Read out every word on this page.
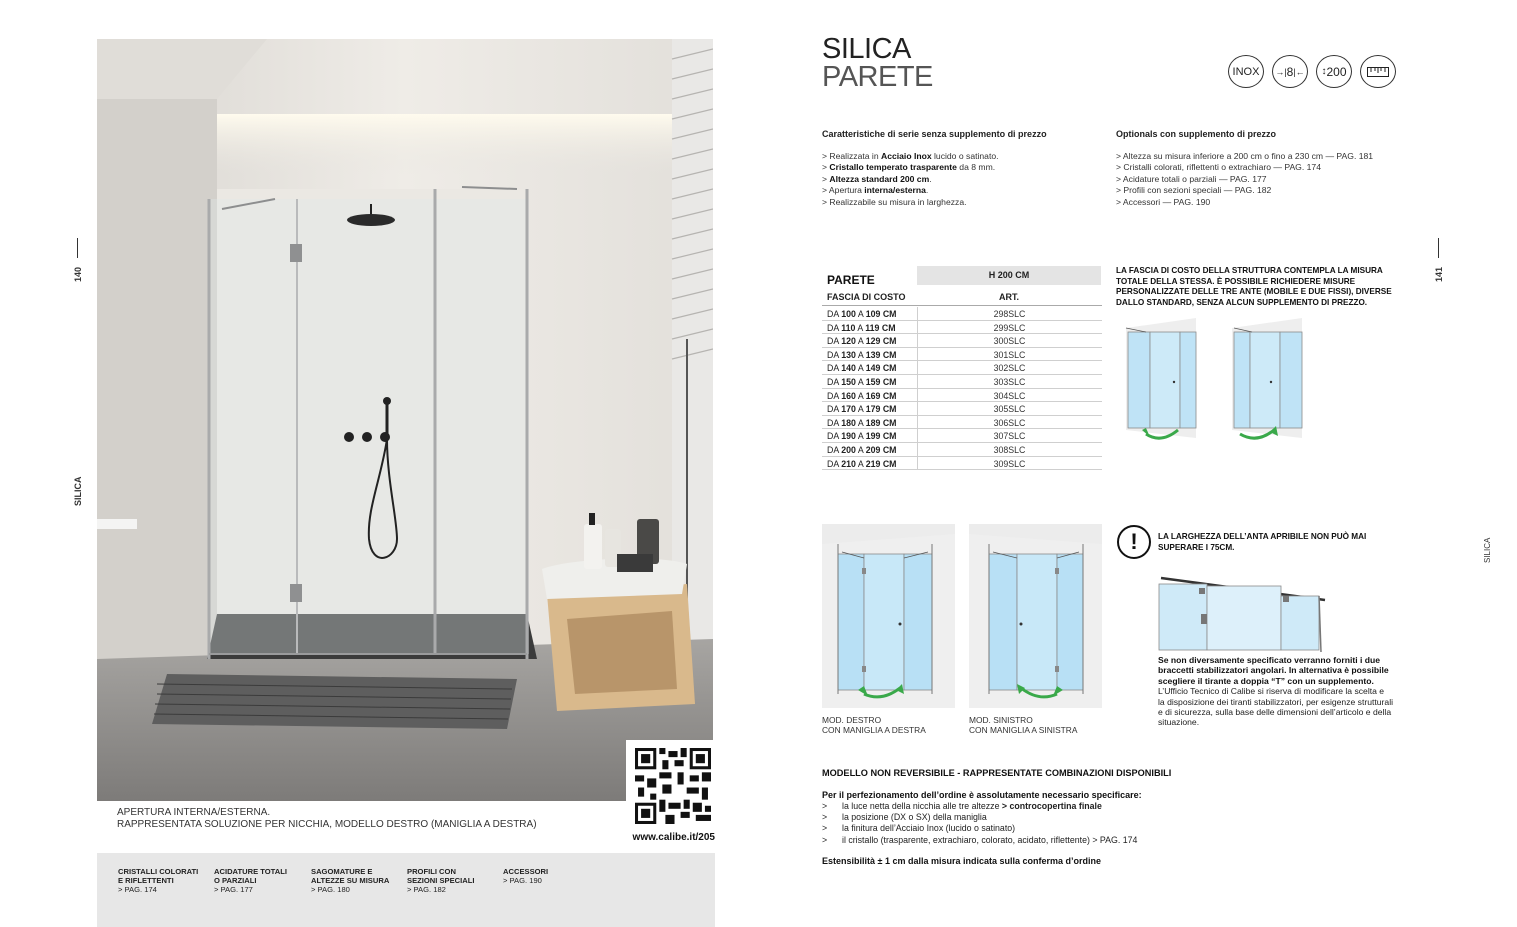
140
SILICA
www.calibe.it/205
APERTURA INTERNA/ESTERNA.
RAPPRESENTATA SOLUZIONE PER NICCHIA, MODELLO DESTRO (MANIGLIA A DESTRA)
CRISTALLI COLORATI
E RIFLETTENTI
> PAG. 174
ACIDATURE TOTALI
O PARZIALI
> PAG. 177
SAGOMATURE E
ALTEZZE SU MISURA
> PAG. 180
PROFILI CON
SEZIONI SPECIALI
> PAG. 182
ACCESSORI
> PAG. 190
SILICA
PARETE	INOX →| 8 |← ↕ 200
Caratteristiche di serie senza supplemento di prezzo
> Realizzata in Acciaio Inox lucido o satinato.
> Cristallo temperato trasparente da 8 mm.
> Altezza standard 200 cm.
> Apertura interna/esterna.
> Realizzabile su misura in larghezza.
Optionals con supplemento di prezzo
> Altezza su misura inferiore a 200 cm o fino a 230 cm — PAG. 181
> Cristalli colorati, riflettenti o extrachiaro — PAG. 174
> Acidature totali o parziali — PAG. 177
> Profili con sezioni speciali — PAG. 182
> Accessori — PAG. 190
PARETE	H 200 CM
FASCIA DI COSTO	ART.
DA 100 A 109 CM	298SLC
DA 110 A 119 CM	299SLC
DA 120 A 129 CM	300SLC
DA 130 A 139 CM	301SLC
DA 140 A 149 CM	302SLC
DA 150 A 159 CM	303SLC
DA 160 A 169 CM	304SLC
DA 170 A 179 CM	305SLC
DA 180 A 189 CM	306SLC
DA 190 A 199 CM	307SLC
DA 200 A 209 CM	308SLC
DA 210 A 219 CM	309SLC
LA FASCIA DI COSTO DELLA STRUTTURA CONTEMPLA LA MISURA
TOTALE DELLA STESSA. È POSSIBILE RICHIEDERE MISURE
PERSONALIZZATE DELLE TRE ANTE (MOBILE E DUE FISSI), DIVERSE
DALLO STANDARD, SENZA ALCUN SUPPLEMENTO DI PREZZO.
141
SILICA
MOD. DESTRO
CON MANIGLIA A DESTRA
MOD. SINISTRO
CON MANIGLIA A SINISTRA
!	LA LARGHEZZA DELL’ANTA APRIBILE NON PUÒ MAI
SUPERARE I 75CM.
Se non diversamente specificato verranno forniti i due
braccetti stabilizzatori angolari. In alternativa è possibile
scegliere il tirante a doppia “T” con un supplemento.
L’Ufficio Tecnico di Calibe si riserva di modificare la scelta e
la disposizione dei tiranti stabilizzatori, per esigenze strutturali
e di sicurezza, sulla base delle dimensioni dell’articolo e della
situazione.
MODELLO NON REVERSIBILE - RAPPRESENTATE COMBINAZIONI DISPONIBILI
Per il perfezionamento dell’ordine è assolutamente necessario specificare:
> la luce netta della nicchia alle tre altezze > controcopertina finale
> la posizione (DX o SX) della maniglia
> la finitura dell’Acciaio Inox (lucido o satinato)
> il cristallo (trasparente, extrachiaro, colorato, acidato, riflettente) > PAG. 174
Estensibilità ± 1 cm dalla misura indicata sulla conferma d’ordine
